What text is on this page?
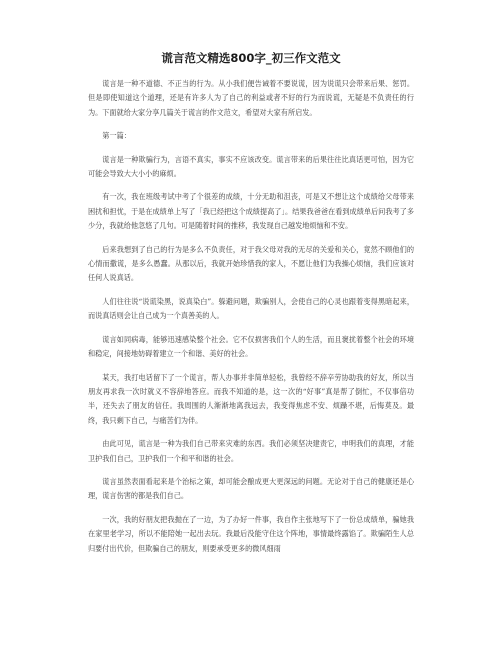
谎言范文精选800字_初三作文范文

谎言是一种不道德、不正当的行为。从小我们便告诫着不要说谎，因为说谎只会带来后果、惩罚。但是即使知道这个道理，还是有许多人为了自己的利益或者不好的行为而说谎，无疑是不负责任的行为。下面就给大家分享几篇关于谎言的作文范文，希望对大家有所启发。

第一篇：

谎言是一种欺骗行为，言语不真实，事实不应该改变。谎言带来的后果往往比真话更可怕，因为它可能会导致大大小小的麻烦。

有一次，我在班级考试中考了个很差的成绩，十分无助和沮丧，可是又不想让这个成绩给父母带来困扰和担忧，于是在成绩单上写了「我已经把这个成绩提高了」。结果我爸爸在看到成绩单后问我考了多少分，我就给他忽悠了几句。可是随着时间的推移，我发现自己越发地烦恼和不安。

后来我想到了自己的行为是多么不负责任，对于我父母对我的无尽的关爱和关心，竟然不顾他们的心情而撒谎，是多么愚蠢。从那以后，我就开始珍惜我的家人，不愿让他们为我操心烦恼，我们应该对任何人说真话。

人们往往说“说谎染黑，说真染白”。躲避问题，欺骗别人，会使自己的心灵也跟着变得黑暗起来，而说真话则会让自己成为一个真善美的人。

谎言如同病毒，能够迅速感染整个社会。它不仅损害我们个人的生活，而且褒扰着整个社会的环境和稳定，间接地妨碍着建立一个和谐、美好的社会。

某天，我打电话留下了一个谎言，帮人办事并非简单轻松，我曾经不辞辛劳协助我的好友，所以当朋友再求我一次时就义不容辞地答应。而我不知道的是，这一次的“好事”真是帮了倒忙，不仅事倍功半，还失去了朋友的信任。我周围的人渐渐地离我远去，我变得焦虑不安、烦躁不堪，后悔莫及。最终，我只剩下自己，与痛苦们为伴。

由此可见，谎言是一种为我们自己带来灾难的东西。我们必须坚决建责它，申明我们的真理，才能卫护我们自己，卫护我们一个和平和谐的社会。

谎言虽然表面看起来是个治标之策，却可能会酿成更大更深远的问题。无论对于自己的健康还是心理，谎言伤害的都是我们自己。

一次，我的好朋友把我抛在了一边，为了办好一件事，我自作主张地写下了一份总成绩单，骗她我在家里老学习，所以不能陪她一起出去玩。我最后没能守住这个阵地，事情最终露馅了。欺骗陌生人总归要付出代价，但欺骗自己的朋友，则要承受更多的微风细雨
